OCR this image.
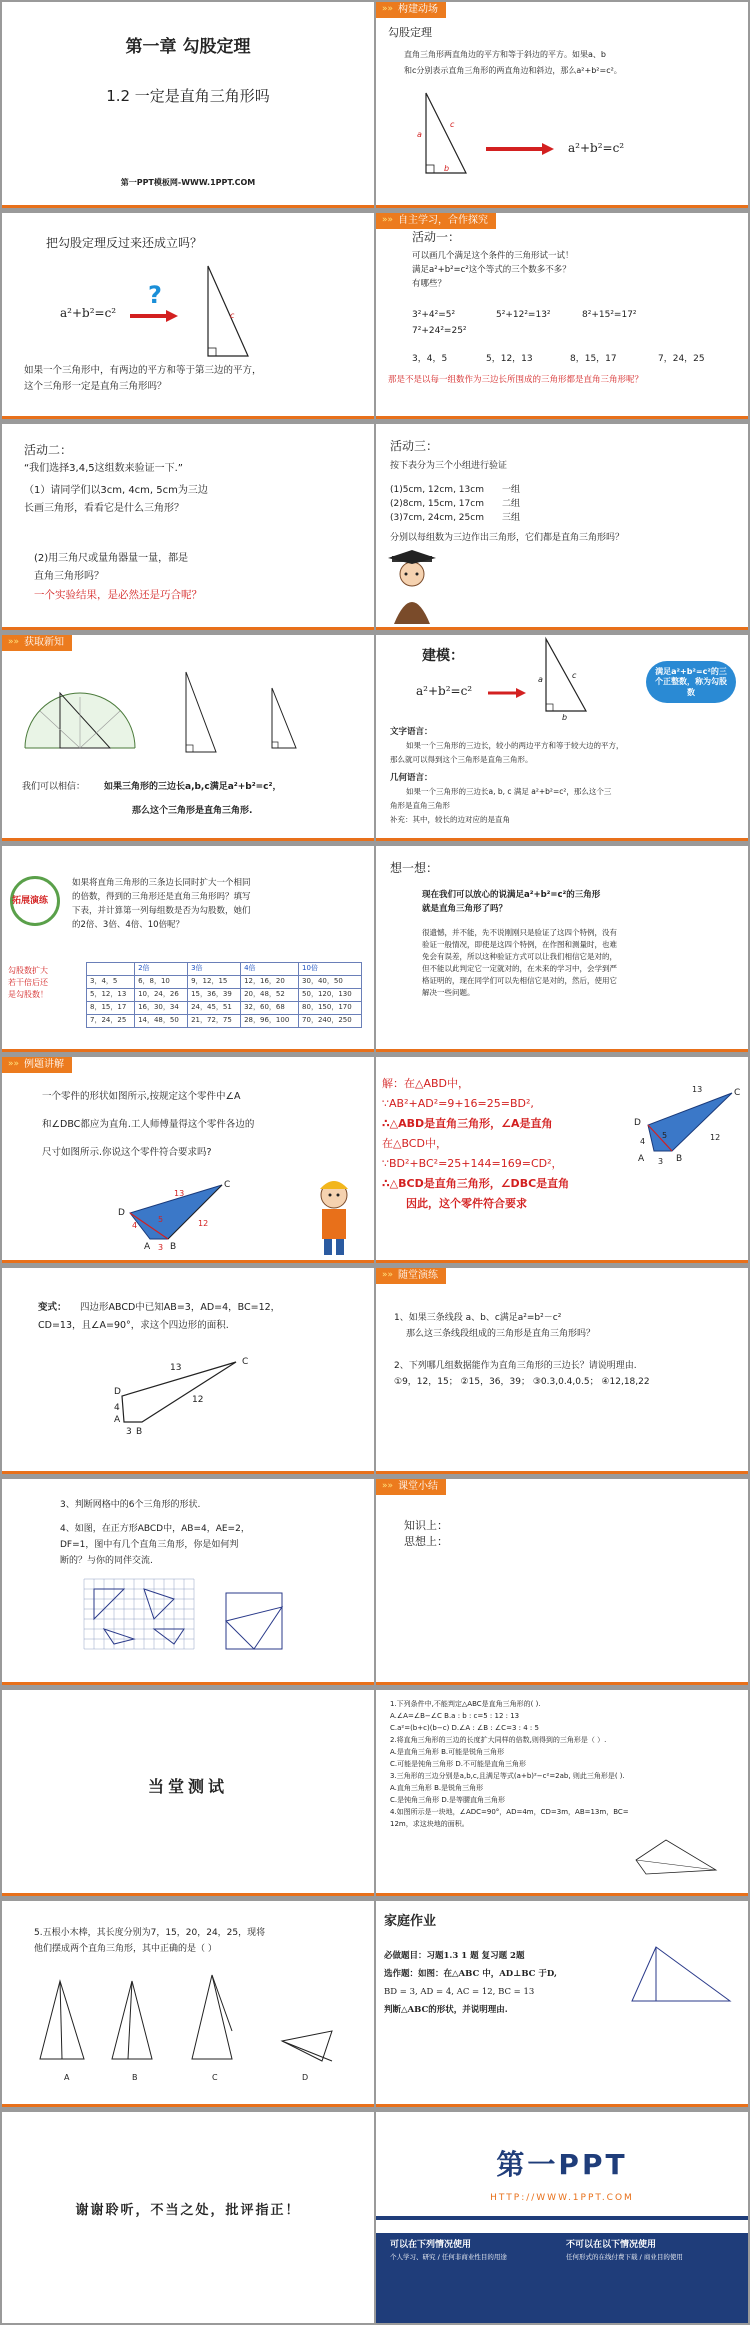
第一章 勾股定理
1.2 一定是直角三角形吗
第一PPT模板网-WWW.1PPT.COM
»» 构建动场
勾股定理
直角三角形两直角边的平方和等于斜边的平方。如果a、b
和c分别表示直角三角形的两直角边和斜边，那么a²+b²=c²。
a
b
c
a²+b²=c²
把勾股定理反过来还成立吗？
a²+b²=c²
?
c
如果一个三角形中，有两边的平方和等于第三边的平方，
这个三角形一定是直角三角形吗？
»» 自主学习，合作探究
活动一：
可以画几个满足这个条件的三角形试一试！
满足a²+b²=c²这个等式的三个数多不多？
有哪些？
3²+4²=5²	5²+12²=13²	8²+15²=17²
7²+24²=25²
3，4，5	5，12，13	8，15，17	7，24，25
那是不是以每一组数作为三边长所围成的三角形都是直角三角形呢？
活动二：
“我们选择3,4,5这组数来验证一下.”
（1）请同学们以3cm, 4cm, 5cm为三边
长画三角形，看看它是什么三角形？
(2)用三角尺或量角器量一量，都是
直角三角形吗？
一个实验结果，是必然还是巧合呢？
活动三：
按下表分为三个小组进行验证
(1)5cm, 12cm, 13cm 一组
(2)8cm, 15cm, 17cm 二组
(3)7cm, 24cm, 25cm 三组
分别以每组数为三边作出三角形，它们都是直角三角形吗？
»» 获取新知
我们可以相信： 如果三角形的三边长a,b,c满足a²+b²=c²，
那么这个三角形是直角三角形.
建模：
a²+b²=c²
a
b
c	满足a²+b²=c²的三个正整数，称为勾股数
文字语言：
如果一个三角形的三边长，较小的两边平方和等于较大边的平方，
那么就可以得到这个三角形是直角三角形。
几何语言：
如果一个三角形的三边长a, b, c 满足 a²+b²=c²，那么这个三
角形是直角三角形
补充：其中，较长的边对应的是直角
拓展演练
勾股数扩大
若干倍后还
是勾股数！
如果将直角三角形的三条边长同时扩大一个相同
的倍数，得到的三角形还是直角三角形吗？填写
下表，并计算第一列每组数是否为勾股数，她们
的2倍、3倍、4倍、10倍呢？
	2倍	3倍	4倍	10倍
3，4，5	6，8，10	9，12，15	12，16，20	30，40，50
5，12，13	10，24，26	15，36，39	20，48，52	50，120，130
8，15，17	16，30，34	24，45，51	32，60，68	80，150，170
7，24，25	14，48，50	21，72，75	28，96，100	70，240，250
想一想：
现在我们可以放心的说满足a²+b²=c²的三角形
就是直角三角形了吗？
很遗憾，并不能，先不说刚刚只是验证了这四个特例，没有
验证一般情况，即使是这四个特例，在作图和测量时，也难
免会有误差，所以这种验证方式可以让我们相信它是对的，
但不能以此判定它一定就对的，在未来的学习中，会学到严
格证明的，现在同学们可以先相信它是对的，然后，使用它
解决一些问题。
»» 例题讲解
一个零件的形状如图所示,按规定这个零件中∠A
和∠DBC都应为直角.工人师傅量得这个零件各边的
尺寸如图所示.你说这个零件符合要求吗?
D
A B
C
13
12
4
3
5
解：在△ABD中，
∵AB²+AD²=9+16=25=BD²,
∴△ABD是直角三角形，∠A是直角
在△BCD中，
∵BD²+BC²=25+144=169=CD²，
∴△BCD是直角三角形，∠DBC是直角
因此，这个零件符合要求
D
A	B
C
13
12
4
3
5
变式： 四边形ABCD中已知AB=3，AD=4，BC=12，
CD=13，且∠A=90°，求这个四边形的面积.
D
A
B
C
13
12
4
3
»» 随堂演练
1、如果三条线段 a、b、c满足a²=b²－c²
那么这三条线段组成的三角形是直角三角形吗？
2、下列哪几组数据能作为直角三角形的三边长？请说明理由.
①9，12，15； ②15，36，39； ③0.3,0.4,0.5； ④12,18,22
3、判断网格中的6个三角形的形状.
4、如图，在正方形ABCD中，AB=4，AE=2，
DF=1，图中有几个直角三角形，你是如何判
断的？与你的同伴交流.
»» 课堂小结
知识上：
思想上：
当堂测试
1.下列条件中,不能判定△ABC是直角三角形的( ).
A.∠A=∠B−∠C B.a : b : c=5 : 12 : 13
C.a²=(b+c)(b−c) D.∠A : ∠B : ∠C=3 : 4 : 5
2.将直角三角形的三边的长度扩大同样的倍数,则得到的三角形是（ ）.
A.是直角三角形 B.可能是锐角三角形
C.可能是钝角三角形 D.不可能是直角三角形
3.三角形的三边分别是a,b,c,且满足等式(a+b)²−c²=2ab, 则此三角形是( ).
A.直角三角形 B.是锐角三角形
C.是钝角三角形 D.是等腰直角三角形
4.如图所示是一块地，∠ADC=90°，AD=4m，CD=3m，AB=13m，BC=
12m，求这块地的面积。
5.五根小木棒，其长度分别为7，15，20，24，25，现将
他们摆成两个直角三角形，其中正确的是（ ）
A	B	C	D
家庭作业
必做题目：习题1.3 1 题 复习题 2题
选作题：如图：在△ABC 中，AD⊥BC 于D,
BD = 3, AD = 4, AC = 12, BC = 13
判断△ABC的形状，并说明理由.
谢谢聆听，不当之处，批评指正！
第一PPT
HTTP://WWW.1PPT.COM
可以在下列情况使用
个人学习、研究 / 任何非商业性目的用途
不可以在以下情况使用
任何形式的在线付费下载 / 商业目的使用
